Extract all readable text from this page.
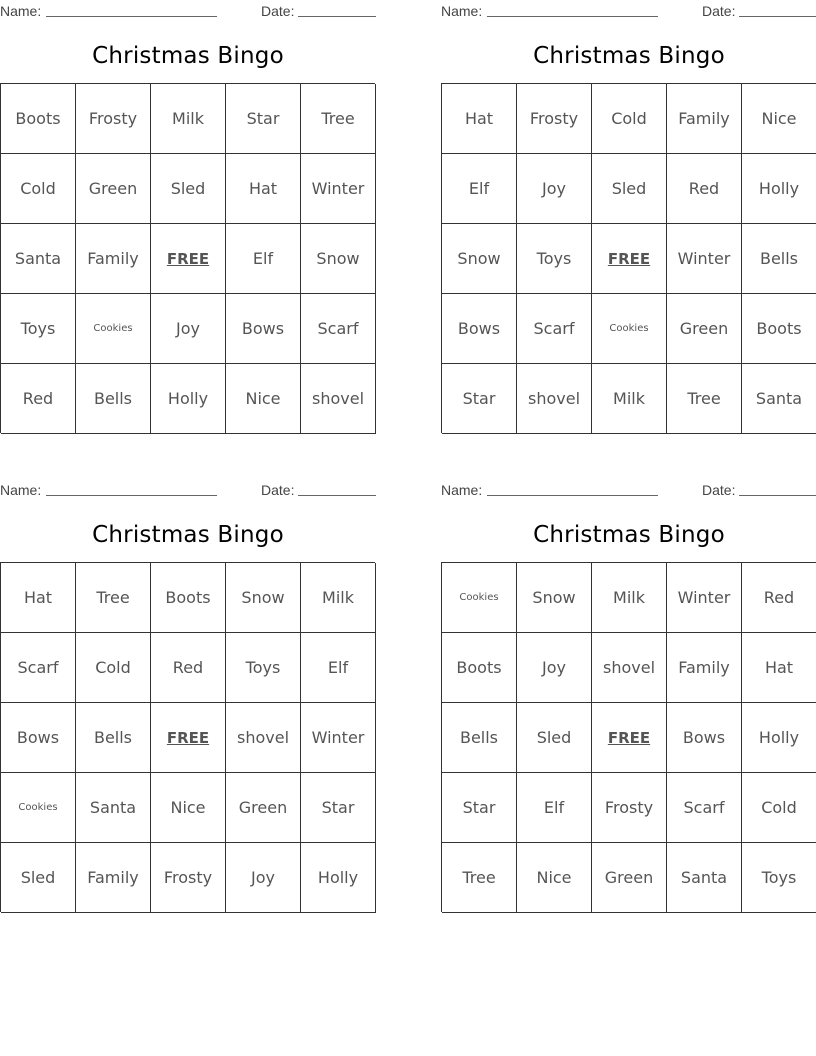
Name:	Date:
Christmas Bingo
Boots	Frosty	Milk	Star	Tree
Cold	Green	Sled	Hat	Winter
Santa	Family	FREE	Elf	Snow
Toys	Cookies	Joy	Bows	Scarf
Red	Bells	Holly	Nice	shovel
Name:	Date:
Christmas Bingo
Hat	Frosty	Cold	Family	Nice
Elf	Joy	Sled	Red	Holly
Snow	Toys	FREE	Winter	Bells
Bows	Scarf	Cookies	Green	Boots
Star	shovel	Milk	Tree	Santa
Name:	Date:
Christmas Bingo
Hat	Tree	Boots	Snow	Milk
Scarf	Cold	Red	Toys	Elf
Bows	Bells	FREE	shovel	Winter
Cookies	Santa	Nice	Green	Star
Sled	Family	Frosty	Joy	Holly
Name:	Date:
Christmas Bingo
Cookies	Snow	Milk	Winter	Red
Boots	Joy	shovel	Family	Hat
Bells	Sled	FREE	Bows	Holly
Star	Elf	Frosty	Scarf	Cold
Tree	Nice	Green	Santa	Toys
